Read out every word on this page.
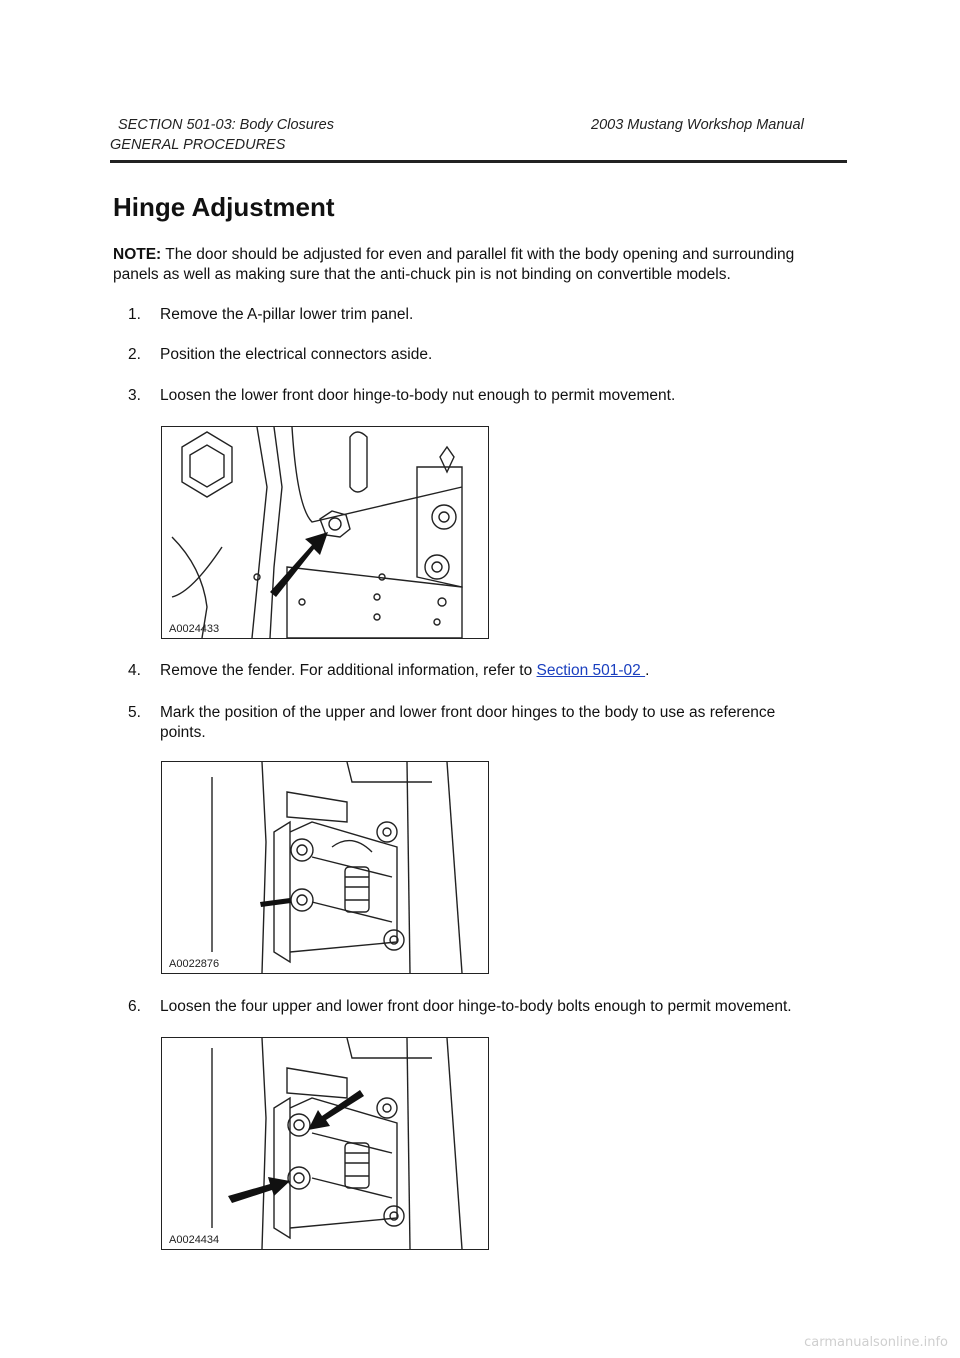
SECTION 501-03: Body Closures	2003 Mustang Workshop Manual
GENERAL PROCEDURES
Hinge Adjustment
NOTE: The door should be adjusted for even and parallel fit with the body opening and surrounding panels as well as making sure that the anti-chuck pin is not binding on convertible models.
1.	Remove the A-pillar lower trim panel.
2.	Position the electrical connectors aside.
3.	Loosen the lower front door hinge-to-body nut enough to permit movement.
A0024433
4.	Remove the fender. For additional information, refer to Section 501-02 .
5.	Mark the position of the upper and lower front door hinges to the body to use as reference points.
A0022876
6.	Loosen the four upper and lower front door hinge-to-body bolts enough to permit movement.
A0024434
carmanualsonline.info
